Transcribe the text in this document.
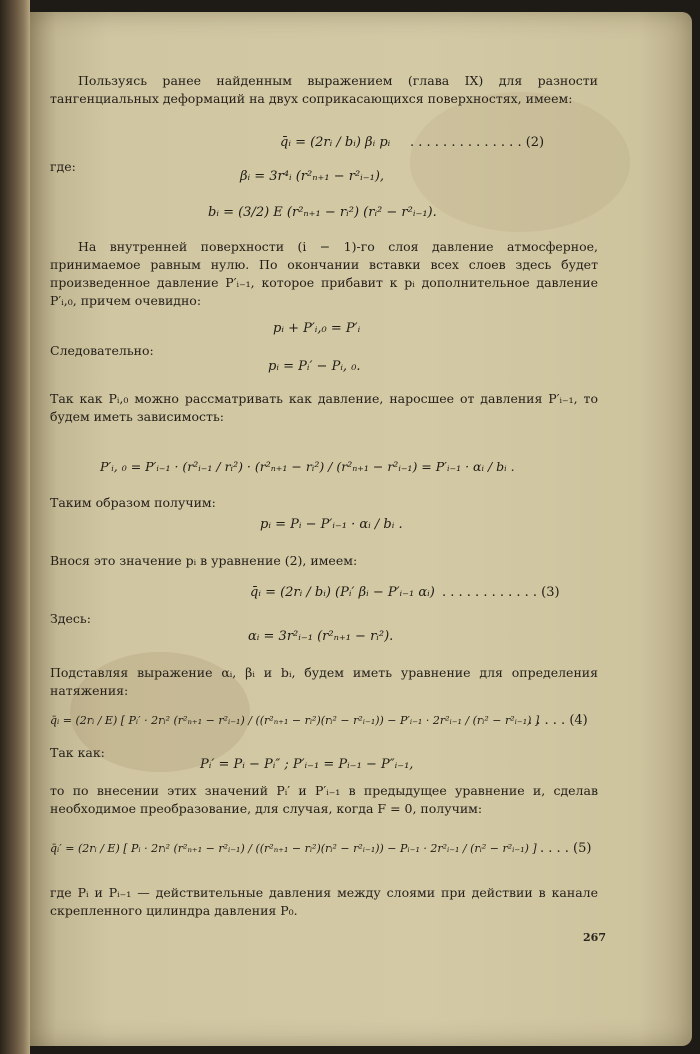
Пользуясь ранее найденным выражением (глава IX) для разности тангенциальных деформаций на двух соприкасающихся поверхностях, имеем:
q̄ᵢ = (2rᵢ / bᵢ) βᵢ pᵢ . . . . . . . . . . . . . . (2)
где:
βᵢ = 3r⁴ᵢ (r²ₙ₊₁ − r²ᵢ₋₁),
bᵢ = (3/2) E (r²ₙ₊₁ − rᵢ²) (rᵢ² − r²ᵢ₋₁).
На внутренней поверхности (i − 1)-го слоя давление атмосферное, принимаемое равным нулю. По окончании вставки всех слоев здесь будет произведенное давление P′ᵢ₋₁, которое прибавит к pᵢ дополнительное давление P′ᵢ,₀, причем очевидно:
pᵢ + P′ᵢ,₀ = P′ᵢ
Следовательно:
pᵢ = Pᵢ′ − Pᵢ, ₀.
Так как Pᵢ,₀ можно рассматривать как давление, наросшее от давления P′ᵢ₋₁, то будем иметь зависимость:
P′ᵢ, ₀ = P′ᵢ₋₁ · (r²ᵢ₋₁ / rᵢ²) · (r²ₙ₊₁ − rᵢ²) / (r²ₙ₊₁ − r²ᵢ₋₁) = P′ᵢ₋₁ · αᵢ / bᵢ .
Таким образом получим:
pᵢ = Pᵢ − P′ᵢ₋₁ · αᵢ / bᵢ .
Внося это значение pᵢ в уравнение (2), имеем:
q̄ᵢ = (2rᵢ / bᵢ) (Pᵢ′ βᵢ − P′ᵢ₋₁ αᵢ) . . . . . . . . . . . . (3)
Здесь:
αᵢ = 3r²ᵢ₋₁ (r²ₙ₊₁ − rᵢ²).
Подставляя выражение αᵢ, βᵢ и bᵢ, будем иметь уравнение для определения натяжения:
q̄ᵢ = (2rᵢ / E) [ Pᵢ′ · 2rᵢ² (r²ₙ₊₁ − r²ᵢ₋₁) / ((r²ₙ₊₁ − rᵢ²)(rᵢ² − r²ᵢ₋₁)) − P′ᵢ₋₁ · 2r²ᵢ₋₁ / (rᵢ² − r²ᵢ₋₁) ]
. . . . . (4)
Так как:
Pᵢ′ = Pᵢ − Pᵢ″ ; P′ᵢ₋₁ = Pᵢ₋₁ − P″ᵢ₋₁,
то по внесении этих значений Pᵢ′ и P′ᵢ₋₁ в предыдущее уравнение и, сделав необходимое преобразование, для случая, когда F = 0, получим:
q̄ᵢ′ = (2rᵢ / E) [ Pᵢ · 2rᵢ² (r²ₙ₊₁ − r²ᵢ₋₁) / ((r²ₙ₊₁ − rᵢ²)(rᵢ² − r²ᵢ₋₁)) − Pᵢ₋₁ · 2r²ᵢ₋₁ / (rᵢ² − r²ᵢ₋₁) ] . . . . (5)
где Pᵢ и Pᵢ₋₁ — действительные давления между слоями при действии в канале скрепленного цилиндра давления P₀.
267
